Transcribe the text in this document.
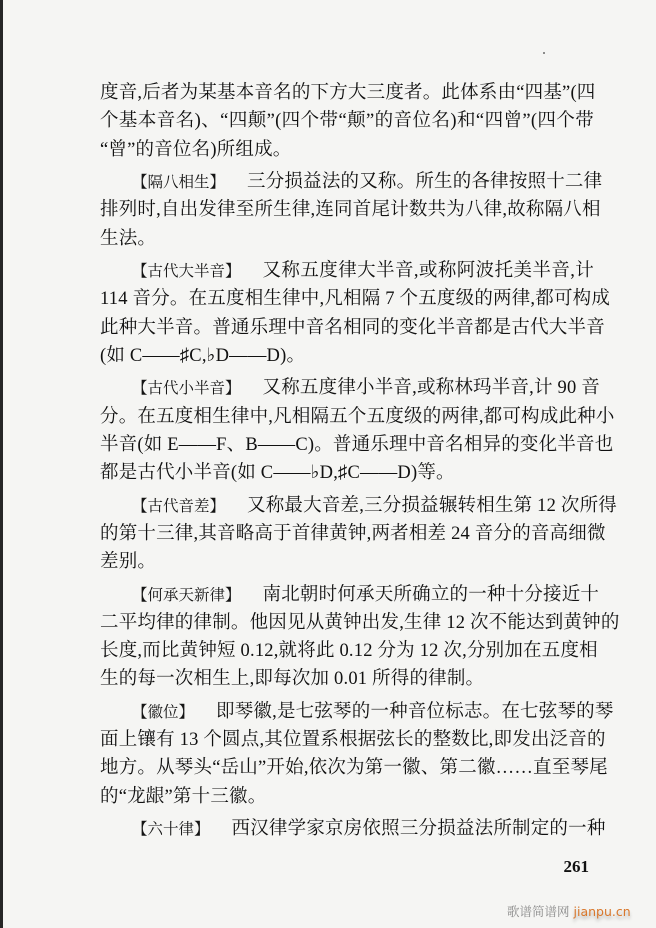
度音,后者为某基本音名的下方大三度者。此体系由“四基”(四
个基本音名)、“四颠”(四个带“颠”的音位名)和“四曾”(四个带
“曾”的音位名)所组成。
【隔八相生】 三分损益法的又称。所生的各律按照十二律
排列时,自出发律至所生律,连同首尾计数共为八律,故称隔八相
生法。
【古代大半音】 又称五度律大半音,或称阿波托美半音,计
114 音分。在五度相生律中,凡相隔 7 个五度级的两律,都可构成
此种大半音。普通乐理中音名相同的变化半音都是古代大半音
(如 C——♯C,♭D——D)。
【古代小半音】 又称五度律小半音,或称林玛半音,计 90 音
分。在五度相生律中,凡相隔五个五度级的两律,都可构成此种小
半音(如 E——F、B——C)。普通乐理中音名相异的变化半音也
都是古代小半音(如 C——♭D,♯C——D)等。
【古代音差】 又称最大音差,三分损益辗转相生第 12 次所得
的第十三律,其音略高于首律黄钟,两者相差 24 音分的音高细微
差别。
【何承天新律】 南北朝时何承天所确立的一种十分接近十
二平均律的律制。他因见从黄钟出发,生律 12 次不能达到黄钟的
长度,而比黄钟短 0.12,就将此 0.12 分为 12 次,分别加在五度相
生的每一次相生上,即每次加 0.01 所得的律制。
【徽位】 即琴徽,是七弦琴的一种音位标志。在七弦琴的琴
面上镶有 13 个圆点,其位置系根据弦长的整数比,即发出泛音的
地方。从琴头“岳山”开始,依次为第一徽、第二徽……直至琴尾
的“龙龈”第十三徽。
【六十律】 西汉律学家京房依照三分损益法所制定的一种
261
歌谱简谱网 jianpu.cn
